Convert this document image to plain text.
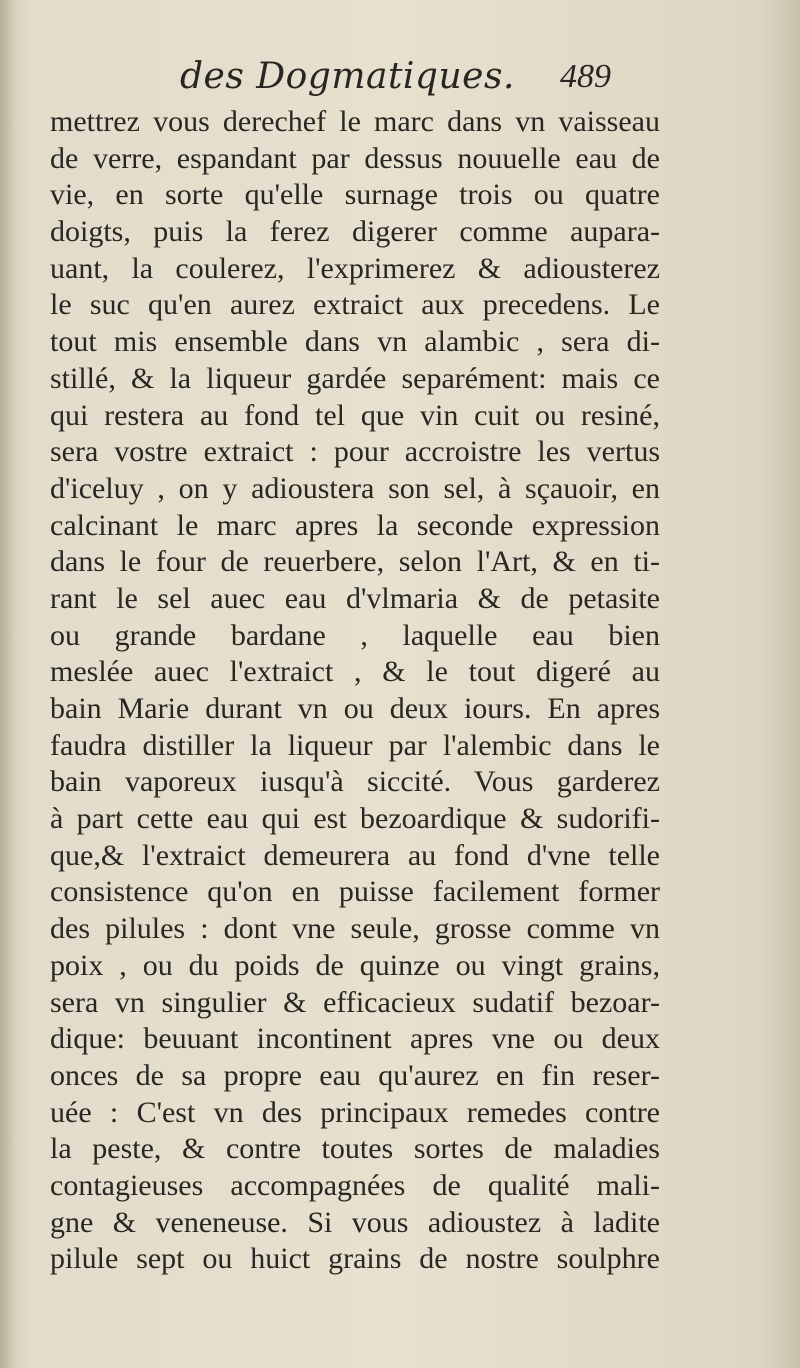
des Dogmatiques. 489
mettrez vous derechef le marc dans vn vaisseau
de verre, espandant par dessus nouuelle eau de
vie, en sorte qu'elle surnage trois ou quatre
doigts, puis la ferez digerer comme aupara-
uant, la coulerez, l'exprimerez & adiousterez
le suc qu'en aurez extraict aux precedens. Le
tout mis ensemble dans vn alambic , sera di-
stillé, & la liqueur gardée separément: mais ce
qui restera au fond tel que vin cuit ou resiné,
sera vostre extraict : pour accroistre les vertus
d'iceluy , on y adioustera son sel, à sçauoir, en
calcinant le marc apres la seconde expression
dans le four de reuerbere, selon l'Art, & en ti-
rant le sel auec eau d'vlmaria & de petasite
ou grande bardane , laquelle eau bien
meslée auec l'extraict , & le tout digeré au
bain Marie durant vn ou deux iours. En apres
faudra distiller la liqueur par l'alembic dans le
bain vaporeux iusqu'à siccité. Vous garderez
à part cette eau qui est bezoardique & sudorifi-
que,& l'extraict demeurera au fond d'vne telle
consistence qu'on en puisse facilement former
des pilules : dont vne seule, grosse comme vn
poix , ou du poids de quinze ou vingt grains,
sera vn singulier & efficacieux sudatif bezoar-
dique: beuuant incontinent apres vne ou deux
onces de sa propre eau qu'aurez en fin reser-
uée : C'est vn des principaux remedes contre
la peste, & contre toutes sortes de maladies
contagieuses accompagnées de qualité mali-
gne & veneneuse. Si vous adioustez à ladite
pilule sept ou huict grains de nostre soulphre
